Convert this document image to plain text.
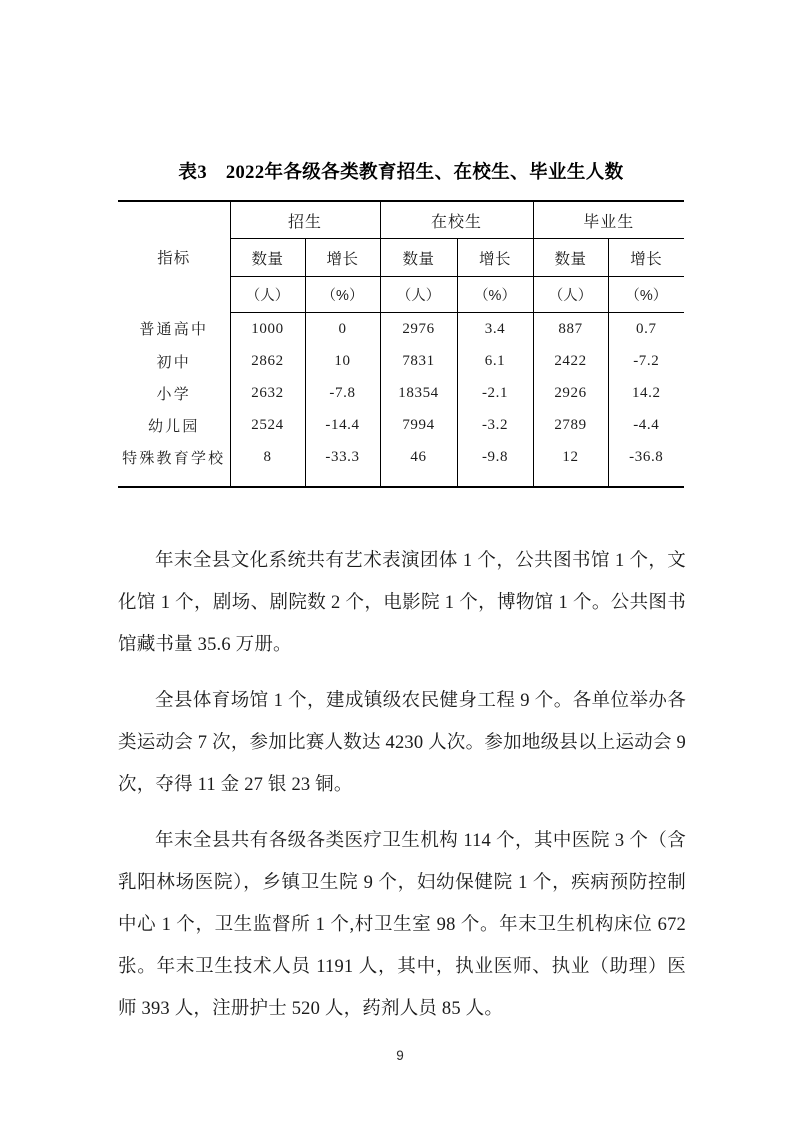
表3　2022年各级各类教育招生、在校生、毕业生人数
指标	招生		在校生		毕业生	
	数量	增长	数量	增长	数量	增长
	（人）	（%）	（人）	（%）	（人）	（%）
普通高中	1000	0	2976	3.4	887	0.7
初中	2862	10	7831	6.1	2422	-7.2
小学	2632	-7.8	18354	-2.1	2926	14.2
幼儿园	2524	-14.4	7994	-3.2	2789	-4.4
特殊教育学校	8	-33.3	46	-9.8	12	-36.8

年末全县文化系统共有艺术表演团体 1 个，公共图书馆 1 个，文化馆 1 个，剧场、剧院数 2 个，电影院 1 个，博物馆 1 个。公共图书馆藏书量 35.6 万册。

全县体育场馆 1 个，建成镇级农民健身工程 9 个。各单位举办各类运动会 7 次，参加比赛人数达 4230 人次。参加地级县以上运动会 9 次，夺得 11 金 27 银 23 铜。

年末全县共有各级各类医疗卫生机构 114 个，其中医院 3 个（含乳阳林场医院），乡镇卫生院 9 个，妇幼保健院 1 个，疾病预防控制中心 1 个，卫生监督所 1 个,村卫生室 98 个。年末卫生机构床位 672 张。年末卫生技术人员 1191 人，其中，执业医师、执业（助理）医师 393 人，注册护士 520 人，药剂人员 85 人。

9
